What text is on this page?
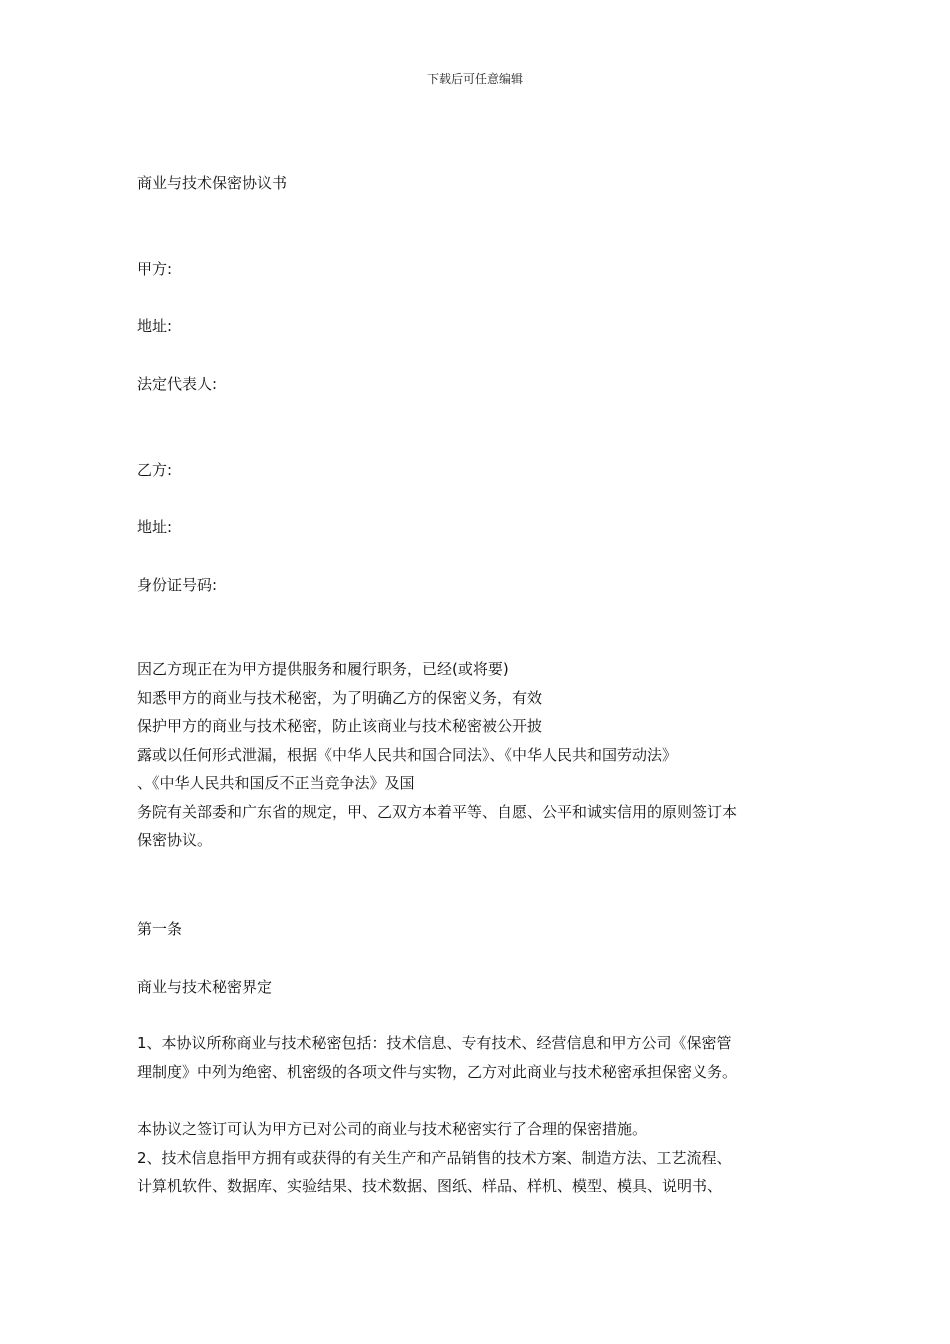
下载后可任意编辑
商业与技术保密协议书
甲方:
地址:
法定代表人:
乙方:
地址:
身份证号码:
因乙方现正在为甲方提供服务和履行职务，已经(或将要)
知悉甲方的商业与技术秘密，为了明确乙方的保密义务，有效
保护甲方的商业与技术秘密，防止该商业与技术秘密被公开披
露或以任何形式泄漏，根据《中华人民共和国合同法》、《中华人民共和国劳动法》
、《中华人民共和国反不正当竞争法》及国
务院有关部委和广东省的规定，甲、乙双方本着平等、自愿、公平和诚实信用的原则签订本
保密协议。
第一条
商业与技术秘密界定
1、本协议所称商业与技术秘密包括：技术信息、专有技术、经营信息和甲方公司《保密管
理制度》中列为绝密、机密级的各项文件与实物，乙方对此商业与技术秘密承担保密义务。
本协议之签订可认为甲方已对公司的商业与技术秘密实行了合理的保密措施。
2、技术信息指甲方拥有或获得的有关生产和产品销售的技术方案、制造方法、工艺流程、
计算机软件、数据库、实验结果、技术数据、图纸、样品、样机、模型、模具、说明书、
